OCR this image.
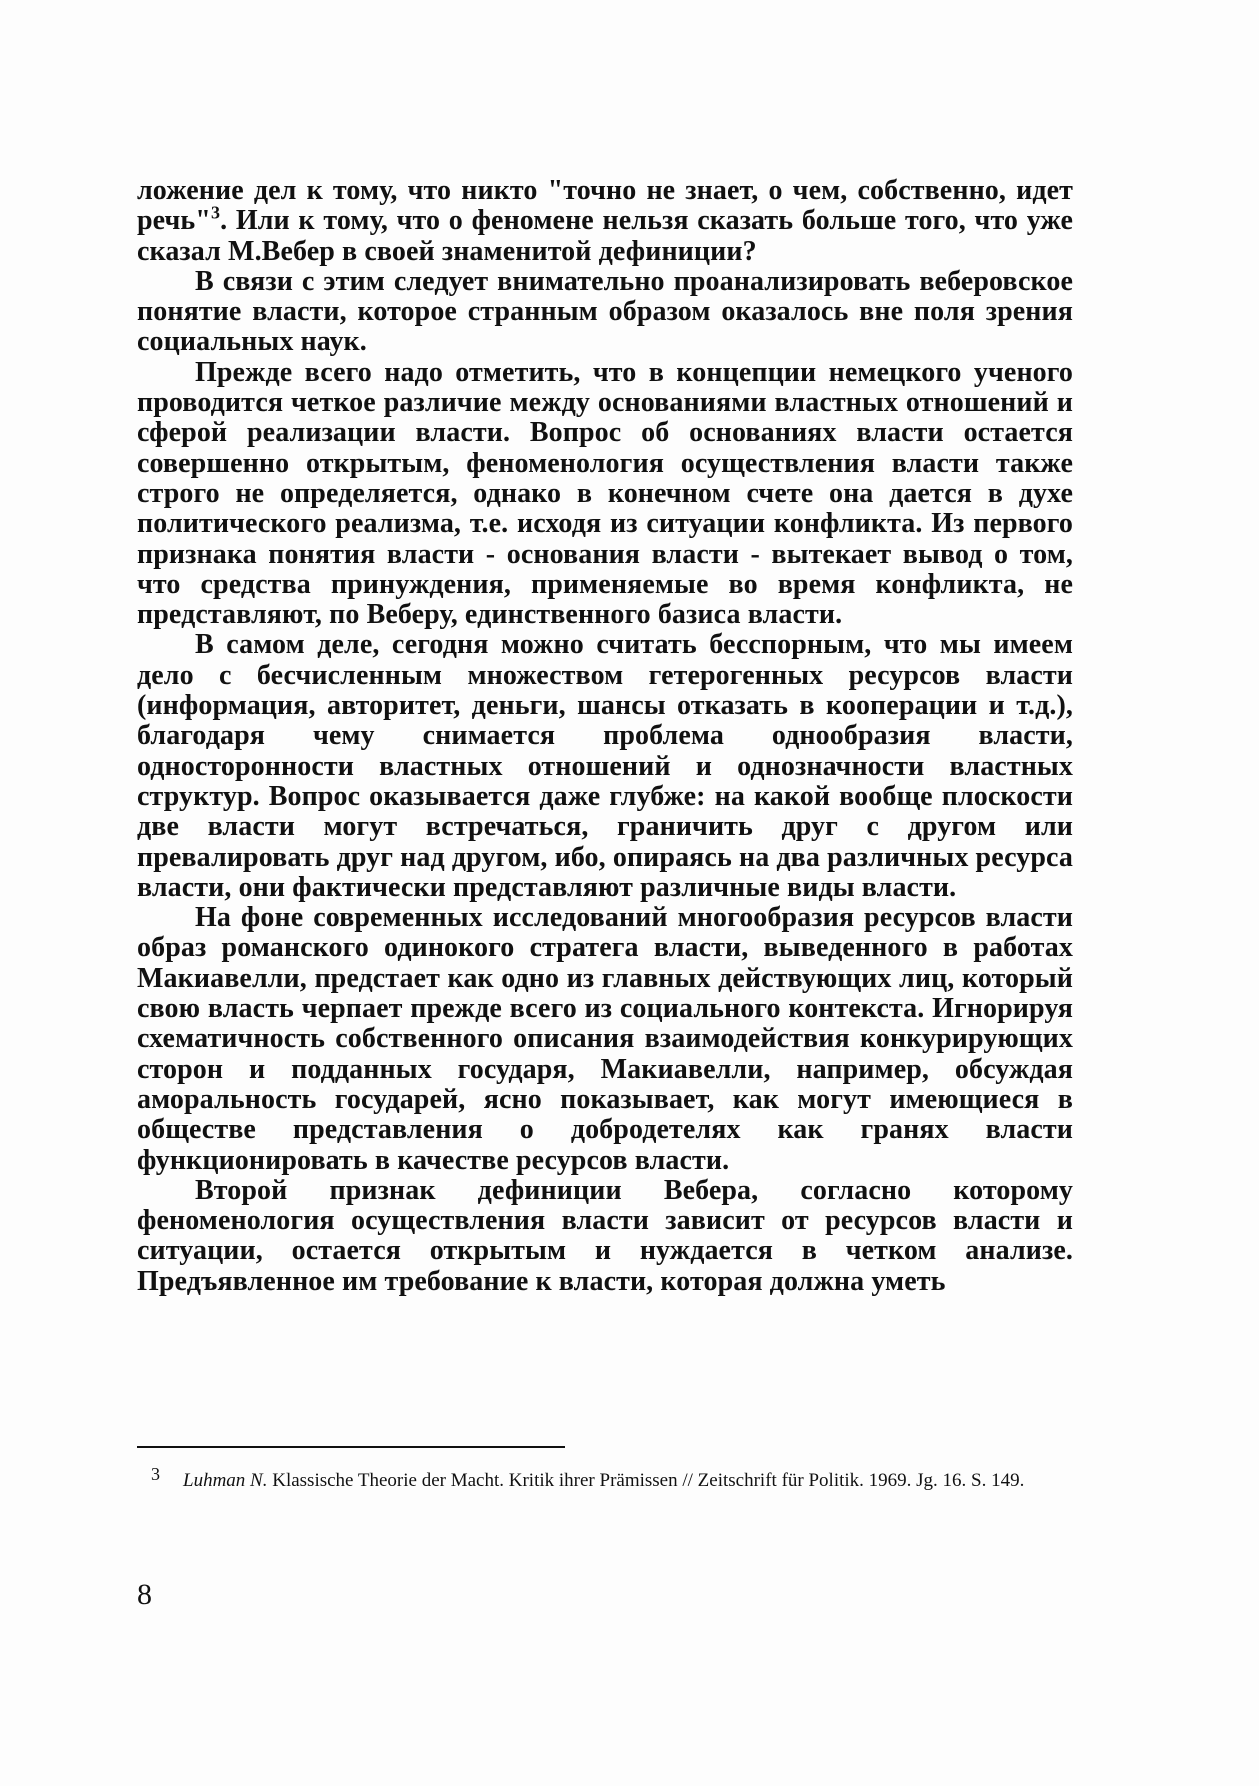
ложение дел к тому, что никто "точно не знает, о чем, собственно, идет речь"$^3$. Или к тому, что о феномене нельзя сказать больше того, что уже сказал М.Вебер в своей знаменитой дефиниции?

В связи с этим следует внимательно проанализировать веберовское понятие власти, которое странным образом оказалось вне поля зрения социальных наук.

Прежде всего надо отметить, что в концепции немецкого ученого проводится четкое различие между основаниями властных отношений и сферой реализации власти. Вопрос об основаниях власти остается совершенно открытым, феноменология осуществления власти также строго не определяется, однако в конечном счете она дается в духе политического реализма, т.е. исходя из ситуации конфликта. Из первого признака понятия власти - основания власти - вытекает вывод о том, что средства принуждения, применяемые во время конфликта, не представляют, по Веберу, единственного базиса власти.

В самом деле, сегодня можно считать бесспорным, что мы имеем дело с бесчисленным множеством гетерогенных ресурсов власти (информация, авторитет, деньги, шансы отказать в кооперации и т.д.), благодаря чему снимается проблема однообразия власти, односторонности властных отношений и однозначности властных структур. Вопрос оказывается даже глубже: на какой вообще плоскости две власти могут встречаться, граничить друг с другом или превалировать друг над другом, ибо, опираясь на два различных ресурса власти, они фактически представляют различные виды власти.

На фоне современных исследований многообразия ресурсов власти образ романского одинокого стратега власти, выведенного в работах Макиавелли, предстает как одно из главных действующих лиц, который свою власть черпает прежде всего из социального контекста. Игнорируя схематичность собственного описания взаимодействия конкурирующих сторон и подданных государя, Макиавелли, например, обсуждая аморальность государей, ясно показывает, как могут имеющиеся в обществе представления о добродетелях как гранях власти функционировать в качестве ресурсов власти.

Второй признак дефиниции Вебера, согласно которому феноменология осуществления власти зависит от ресурсов власти и ситуации, остается открытым и нуждается в четком анализе. Предъявленное им требование к власти, которая должна уметь

3 Luhman N. Klassische Theorie der Macht. Kritik ihrer Prämissen // Zeitschrift für Politik. 1969. Jg. 16. S. 149.
8
